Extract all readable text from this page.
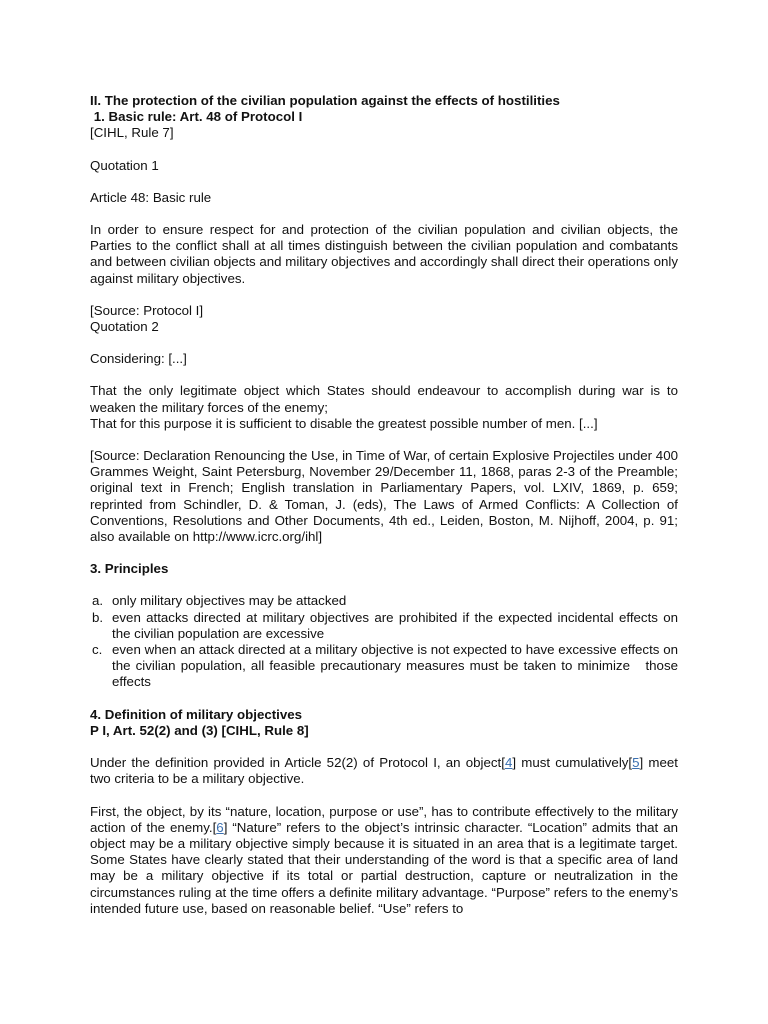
II. The protection of the civilian population against the effects of hostilities

1. Basic rule: Art. 48 of Protocol I

[CIHL, Rule 7]

Quotation 1

Article 48: Basic rule

In order to ensure respect for and protection of the civilian population and civilian objects, the Parties to the conflict shall at all times distinguish between the civilian population and combatants and between civilian objects and military objectives and accordingly shall direct their operations only against military objectives.

[Source: Protocol I]

Quotation 2

Considering: [...]

That the only legitimate object which States should endeavour to accomplish during war is to weaken the military forces of the enemy;

That for this purpose it is sufficient to disable the greatest possible number of men. [...]

[Source: Declaration Renouncing the Use, in Time of War, of certain Explosive Projectiles under 400 Grammes Weight, Saint Petersburg, November 29/December 11, 1868, paras 2-3 of the Preamble; original text in French; English translation in Parliamentary Papers, vol. LXIV, 1869, p. 659; reprinted from Schindler, D. & Toman, J. (eds), The Laws of Armed Conflicts: A Collection of Conventions, Resolutions and Other Documents, 4th ed., Leiden, Boston, M. Nijhoff, 2004, p. 91; also available on http://www.icrc.org/ihl]

3. Principles

a. only military objectives may be attacked
b. even attacks directed at military objectives are prohibited if the expected incidental effects on the civilian population are excessive
c. even when an attack directed at a military objective is not expected to have excessive effects on the civilian population, all feasible precautionary measures must be taken to minimize   those effects

4. Definition of military objectives

P I, Art. 52(2) and (3) [CIHL, Rule 8]

Under the definition provided in Article 52(2) of Protocol I, an object[4] must cumulatively[5] meet two criteria to be a military objective.

First, the object, by its “nature, location, purpose or use”, has to contribute effectively to the military action of the enemy.[6] “Nature” refers to the object’s intrinsic character. “Location” admits that an object may be a military objective simply because it is situated in an area that is a legitimate target. Some States have clearly stated that their understanding of the word is that a specific area of land may be a military objective if its total or partial destruction, capture or neutralization in the circumstances ruling at the time offers a definite military advantage. “Purpose” refers to the enemy’s intended future use, based on reasonable belief. “Use” refers to
